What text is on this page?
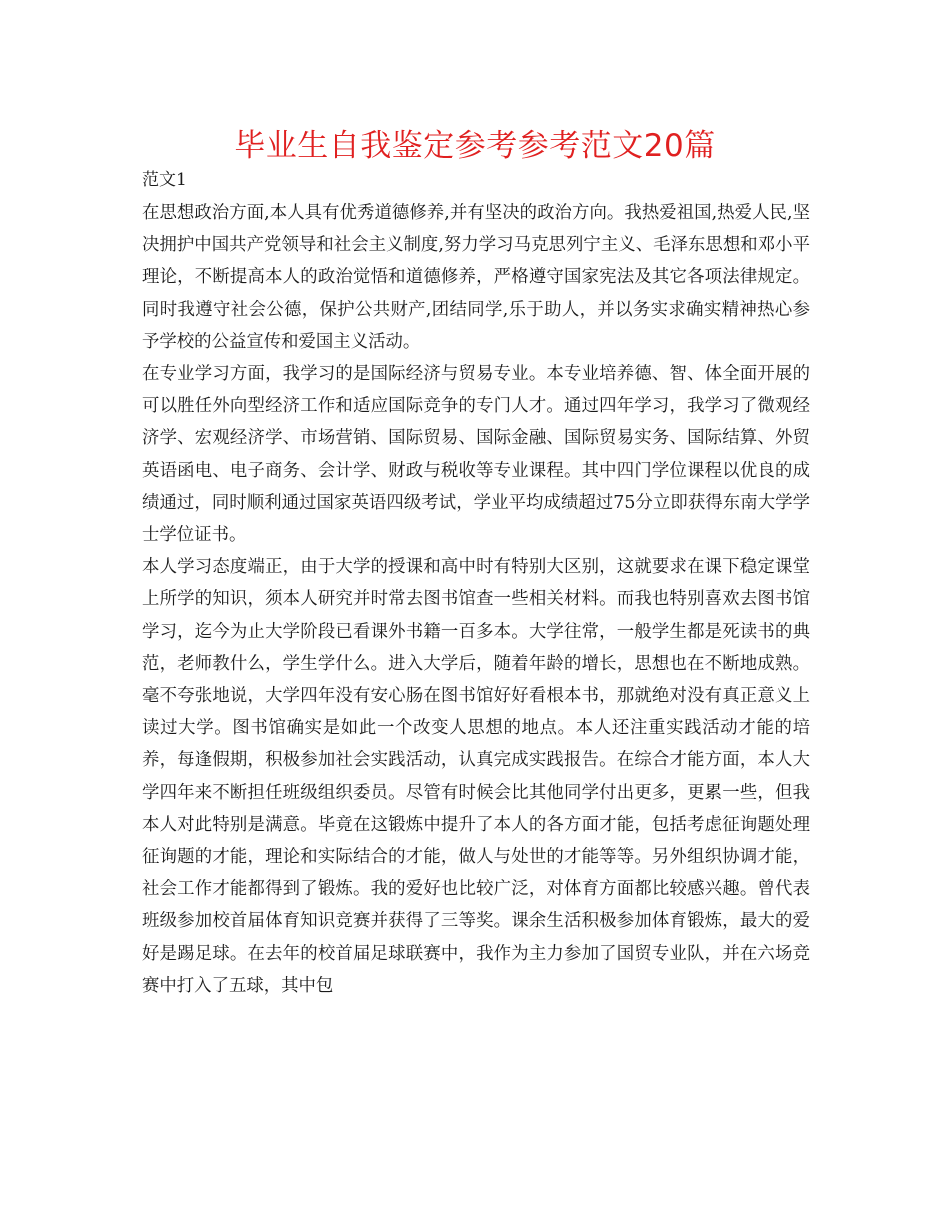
毕业生自我鉴定参考参考范文20篇

范文1

在思想政治方面,本人具有优秀道德修养,并有坚决的政治方向。我热爱祖国,热爱人民,坚决拥护中国共产党领导和社会主义制度,努力学习马克思列宁主义、毛泽东思想和邓小平理论，不断提高本人的政治觉悟和道德修养，严格遵守国家宪法及其它各项法律规定。同时我遵守社会公德，保护公共财产,团结同学,乐于助人，并以务实求确实精神热心参予学校的公益宣传和爱国主义活动。

在专业学习方面，我学习的是国际经济与贸易专业。本专业培养德、智、体全面开展的可以胜任外向型经济工作和适应国际竞争的专门人才。通过四年学习，我学习了微观经济学、宏观经济学、市场营销、国际贸易、国际金融、国际贸易实务、国际结算、外贸英语函电、电子商务、会计学、财政与税收等专业课程。其中四门学位课程以优良的成绩通过，同时顺利通过国家英语四级考试，学业平均成绩超过75分立即获得东南大学学士学位证书。

本人学习态度端正，由于大学的授课和高中时有特别大区别，这就要求在课下稳定课堂上所学的知识，须本人研究并时常去图书馆查一些相关材料。而我也特别喜欢去图书馆学习，迄今为止大学阶段已看课外书籍一百多本。大学往常，一般学生都是死读书的典范，老师教什么，学生学什么。进入大学后，随着年龄的增长，思想也在不断地成熟。毫不夸张地说，大学四年没有安心肠在图书馆好好看根本书，那就绝对没有真正意义上读过大学。图书馆确实是如此一个改变人思想的地点。本人还注重实践活动才能的培养，每逢假期，积极参加社会实践活动，认真完成实践报告。在综合才能方面，本人大学四年来不断担任班级组织委员。尽管有时候会比其他同学付出更多，更累一些，但我本人对此特别是满意。毕竟在这锻炼中提升了本人的各方面才能，包括考虑征询题处理征询题的才能，理论和实际结合的才能，做人与处世的才能等等。另外组织协调才能，社会工作才能都得到了锻炼。我的爱好也比较广泛，对体育方面都比较感兴趣。曾代表班级参加校首届体育知识竞赛并获得了三等奖。课余生活积极参加体育锻炼，最大的爱好是踢足球。在去年的校首届足球联赛中，我作为主力参加了国贸专业队，并在六场竞赛中打入了五球，其中包
